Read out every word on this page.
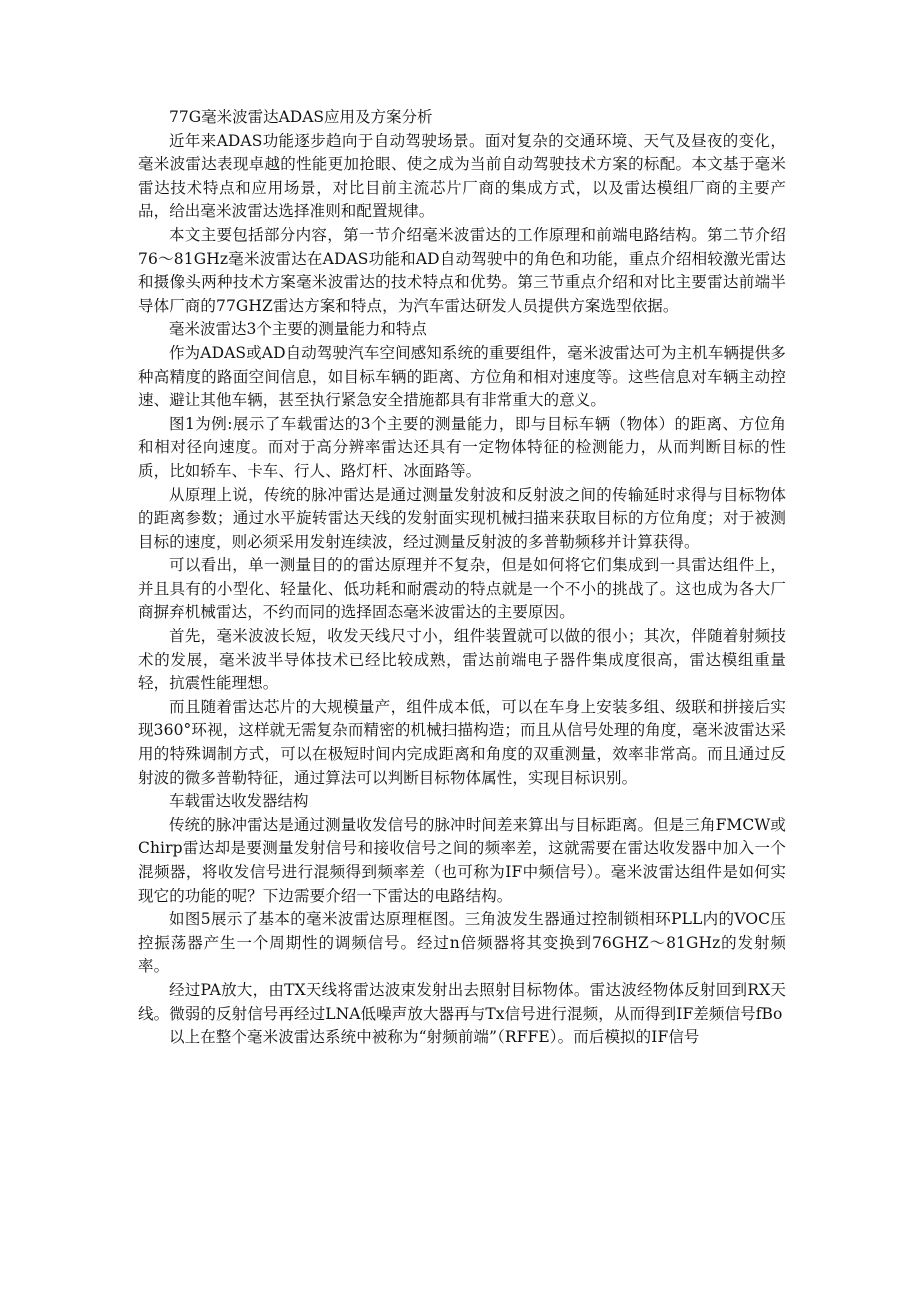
77G毫米波雷达ADAS应用及方案分析

近年来ADAS功能逐步趋向于自动驾驶场景。面对复杂的交通环境、天气及昼夜的变化，毫米波雷达表现卓越的性能更加抢眼、使之成为当前自动驾驶技术方案的标配。本文基于毫米雷达技术特点和应用场景，对比目前主流芯片厂商的集成方式，以及雷达模组厂商的主要产品，给出毫米波雷达选择准则和配置规律。

本文主要包括部分内容，第一节介绍毫米波雷达的工作原理和前端电路结构。第二节介绍76～81GHz毫米波雷达在ADAS功能和AD自动驾驶中的角色和功能，重点介绍相较激光雷达和摄像头两种技术方案毫米波雷达的技术特点和优势。第三节重点介绍和对比主要雷达前端半导体厂商的77GHZ雷达方案和特点，为汽车雷达研发人员提供方案选型依据。

毫米波雷达3个主要的测量能力和特点

作为ADAS或AD自动驾驶汽车空间感知系统的重要组件，毫米波雷达可为主机车辆提供多种高精度的路面空间信息，如目标车辆的距离、方位角和相对速度等。这些信息对车辆主动控速、避让其他车辆，甚至执行紧急安全措施都具有非常重大的意义。

图1为例:展示了车载雷达的3个主要的测量能力，即与目标车辆（物体）的距离、方位角和相对径向速度。而对于高分辨率雷达还具有一定物体特征的检测能力，从而判断目标的性质，比如轿车、卡车、行人、路灯杆、冰面路等。

从原理上说，传统的脉冲雷达是通过测量发射波和反射波之间的传输延时求得与目标物体的距离参数；通过水平旋转雷达天线的发射面实现机械扫描来获取目标的方位角度；对于被测目标的速度，则必须采用发射连续波，经过测量反射波的多普勒频移并计算获得。

可以看出，单一测量目的的雷达原理并不复杂，但是如何将它们集成到一具雷达组件上，并且具有的小型化、轻量化、低功耗和耐震动的特点就是一个不小的挑战了。这也成为各大厂商摒弃机械雷达，不约而同的选择固态毫米波雷达的主要原因。

首先，毫米波波长短，收发天线尺寸小，组件装置就可以做的很小；其次，伴随着射频技术的发展，毫米波半导体技术已经比较成熟，雷达前端电子器件集成度很高，雷达模组重量轻，抗震性能理想。

而且随着雷达芯片的大规模量产，组件成本低，可以在车身上安装多组、级联和拼接后实现360°环视，这样就无需复杂而精密的机械扫描构造；而且从信号处理的角度，毫米波雷达采用的特殊调制方式，可以在极短时间内完成距离和角度的双重测量，效率非常高。而且通过反射波的微多普勒特征，通过算法可以判断目标物体属性，实现目标识别。

车载雷达收发器结构

传统的脉冲雷达是通过测量收发信号的脉冲时间差来算出与目标距离。但是三角FMCW或Chirp雷达却是要测量发射信号和接收信号之间的频率差，这就需要在雷达收发器中加入一个混频器，将收发信号进行混频得到频率差（也可称为IF中频信号）。毫米波雷达组件是如何实现它的功能的呢？下边需要介绍一下雷达的电路结构。

如图5展示了基本的毫米波雷达原理框图。三角波发生器通过控制锁相环PLL内的VOC压控振荡器产生一个周期性的调频信号。经过n倍频器将其变换到76GHZ～81GHz的发射频率。

经过PA放大，由TX天线将雷达波束发射出去照射目标物体。雷达波经物体反射回到RX天线。微弱的反射信号再经过LNA低噪声放大器再与Tx信号进行混频，从而得到IF差频信号fBo

以上在整个毫米波雷达系统中被称为“射频前端”（RFFE）。而后模拟的IF信号
